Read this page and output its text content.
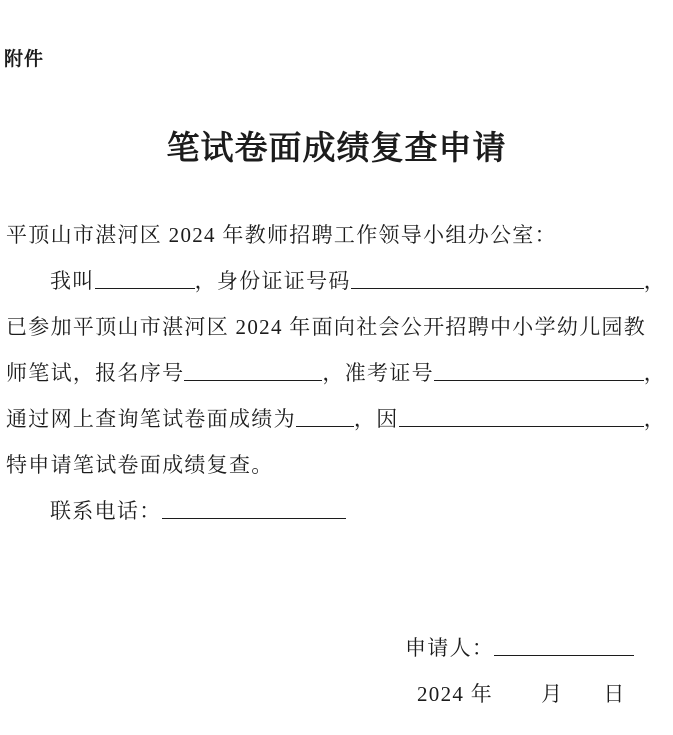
附件
笔试卷面成绩复查申请
平顶山市湛河区 2024 年教师招聘工作领导小组办公室：
我叫	，身份证证号码	，
已参加平顶山市湛河区 2024 年面向社会公开招聘中小学幼儿园教
师笔试，报名序号	，准考证号	，
通过网上查询笔试卷面成绩为	，因	，
特申请笔试卷面成绩复查。
联系电话：
申请人：
2024 年 月 日
